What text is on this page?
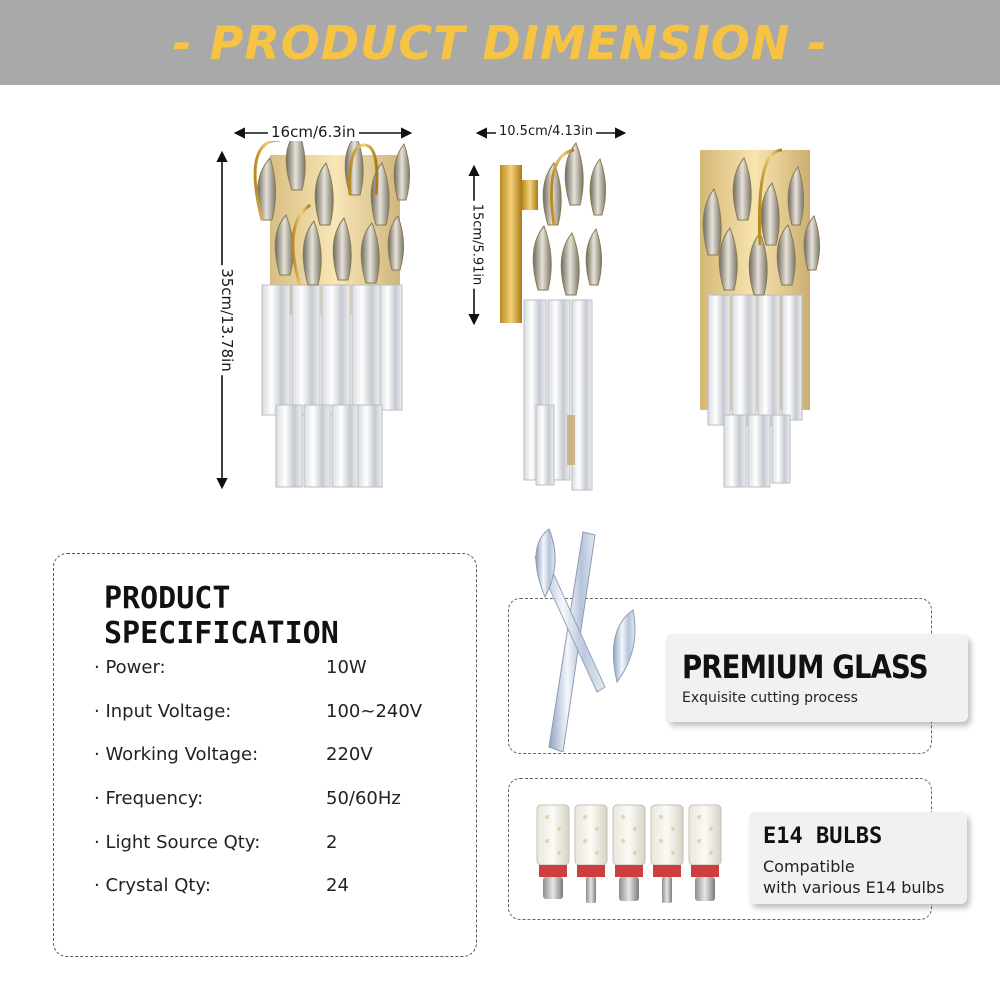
- PRODUCT DIMENSION -
16cm/6.3in
35cm/13.78in
10.5cm/4.13in
15cm/5.91in
PRODUCT SPECIFICATION
· Power:	10W
· Input Voltage:	100~240V
· Working Voltage:	220V
· Frequency:	50/60Hz
· Light Source Qty:	2
· Crystal Qty:	24
PREMIUM GLASS
Exquisite cutting process
E14 BULBS
Compatible
with various E14 bulbs
